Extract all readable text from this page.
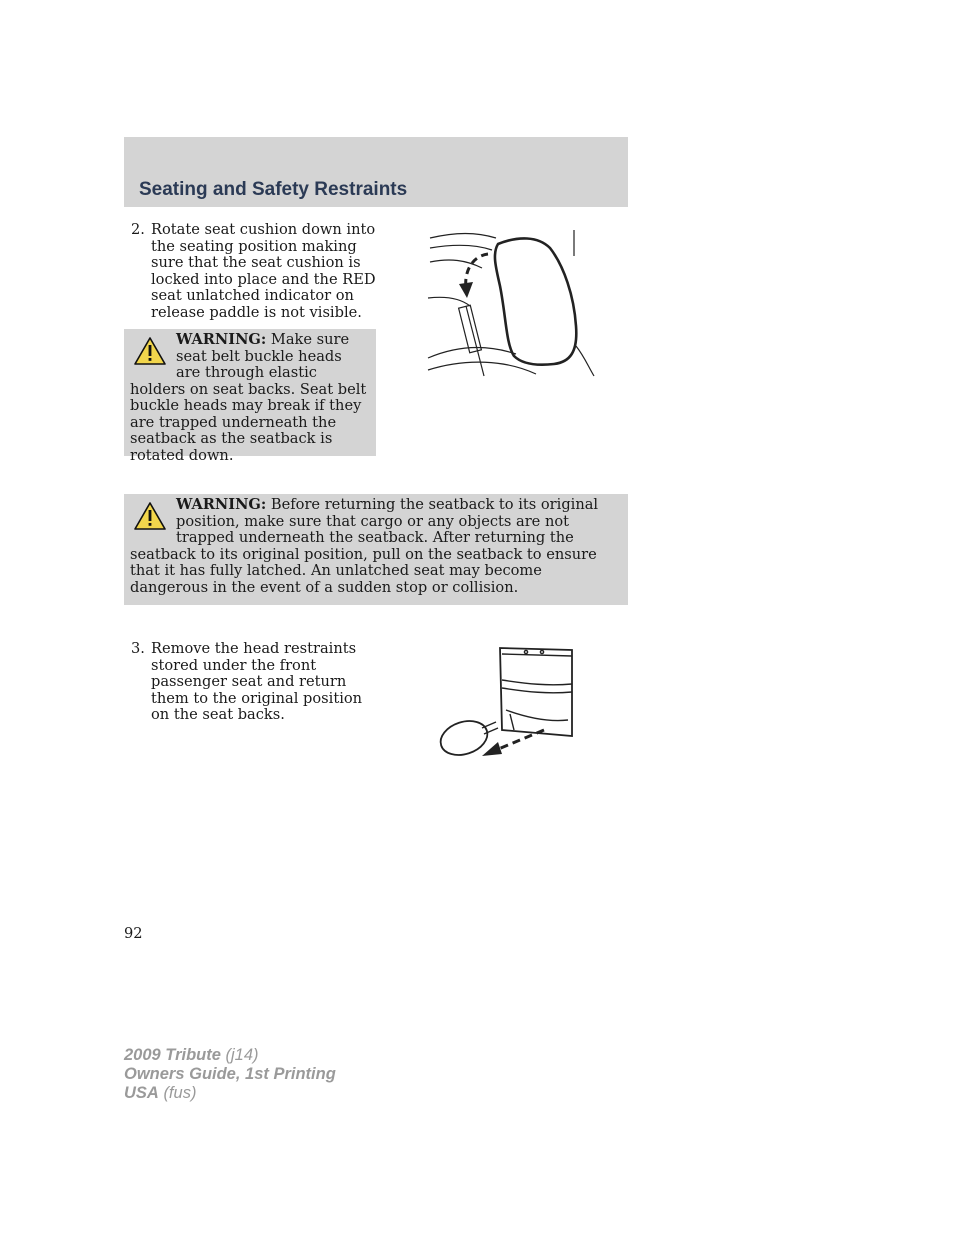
Seating and Safety Restraints
2. Rotate seat cushion down into the seating position making sure that the seat cushion is locked into place and the RED seat unlatched indicator on release paddle is not visible.
WARNING: Make sure seat belt buckle heads are through elastic holders on seat backs. Seat belt buckle heads may break if they are trapped underneath the seatback as the seatback is rotated down.
WARNING: Before returning the seatback to its original position, make sure that cargo or any objects are not trapped underneath the seatback. After returning the seatback to its original position, pull on the seatback to ensure that it has fully latched. An unlatched seat may become dangerous in the event of a sudden stop or collision.
3. Remove the head restraints stored under the front passenger seat and return them to the original position on the seat backs.
92
2009 Tribute (j14)
Owners Guide, 1st Printing
USA (fus)
